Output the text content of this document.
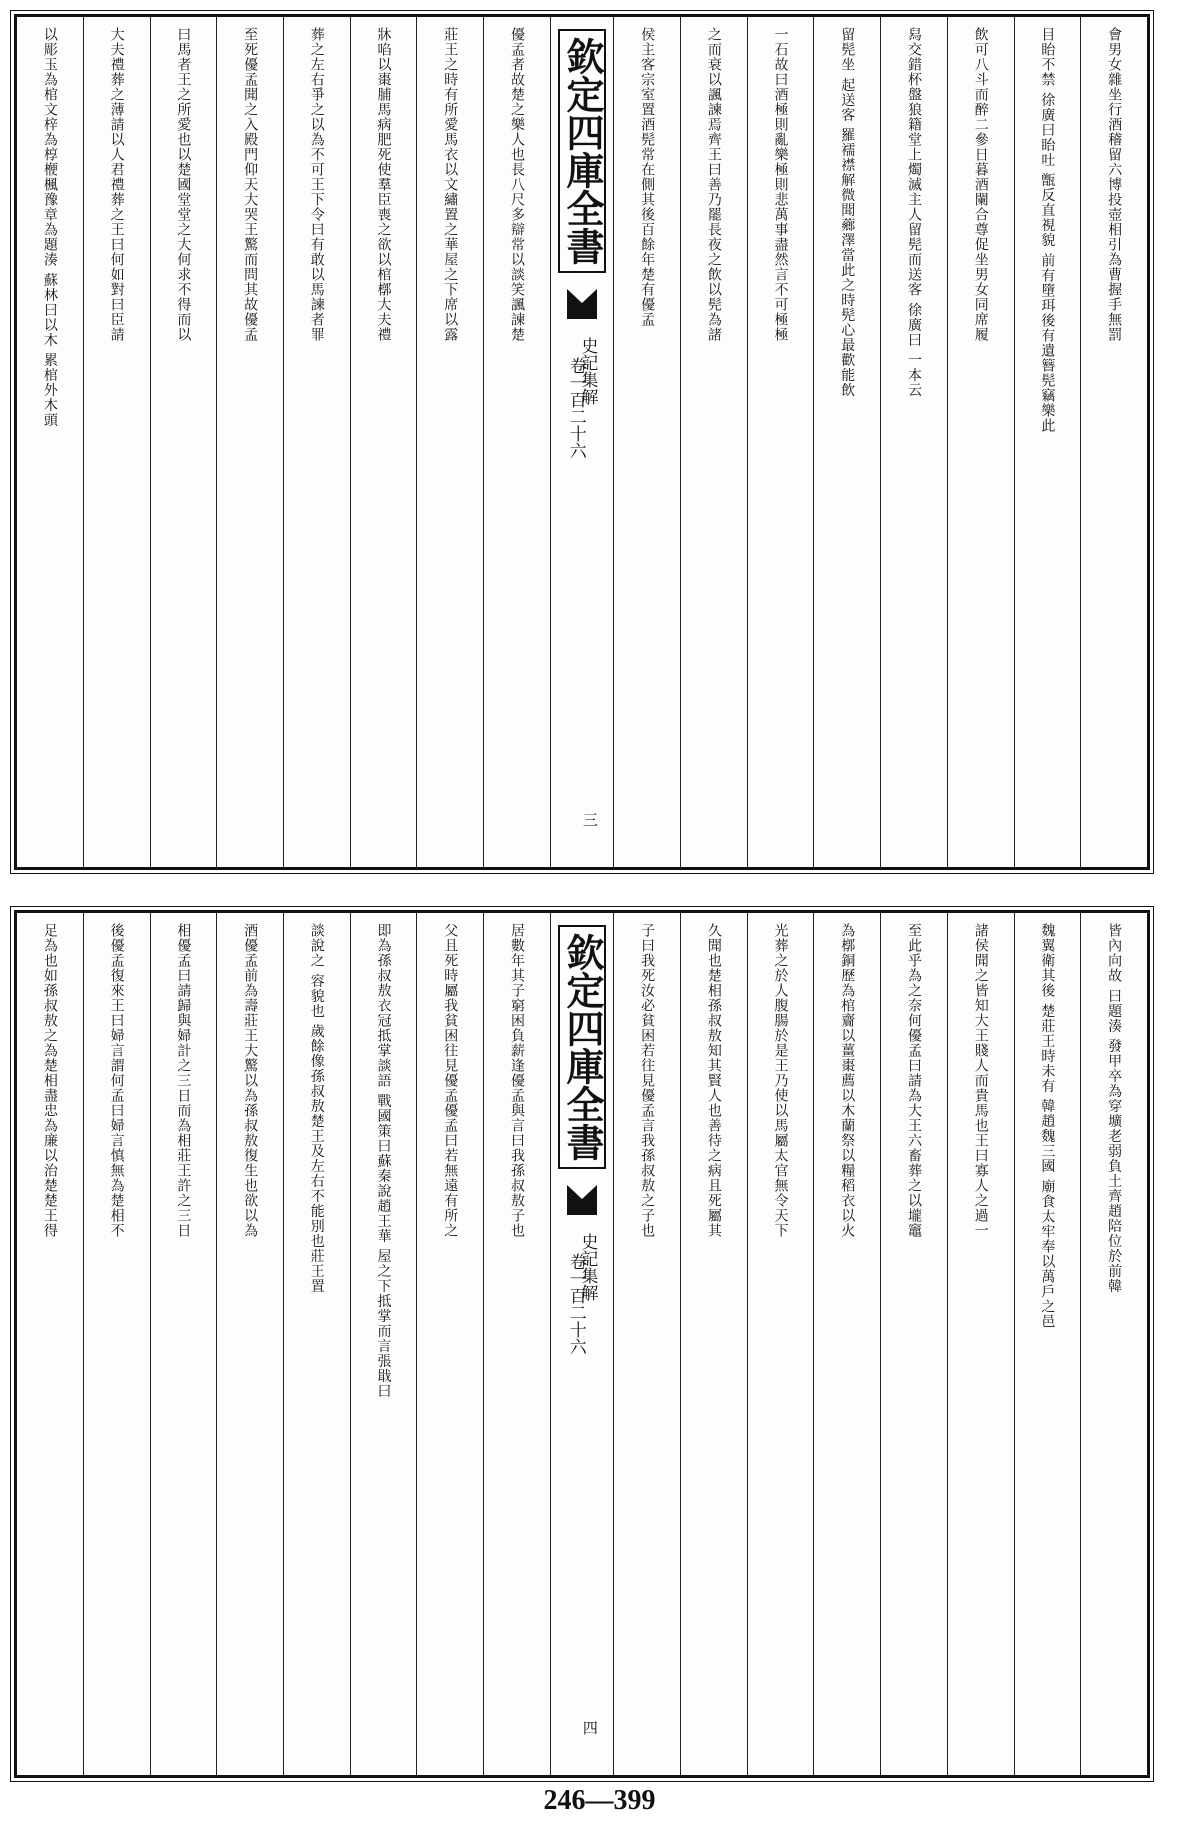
會男女雜坐行酒稽留六博投壺相引為曹握手無罰
目眙不禁 徐廣曰眙吐 甑反直視貌 前有墮珥後有遺簪髡竊樂此
飲可八斗而醉二參日暮酒闌合尊促坐男女同席履
舄交錯杯盤狼籍堂上燭滅主人留髡而送客 徐廣曰 一本云
留髡坐 起送客 羅襦襟解微聞薌澤當此之時髡心最歡能飲
一石故曰酒極則亂樂極則悲萬事盡然言不可極極
之而衰以諷諫焉齊王曰善乃罷長夜之飲以髡為諸
侯主客宗室置酒髡常在側其後百餘年楚有優孟
欽定四庫全書
史記集解
卷一百二十六
三
優孟者故楚之樂人也長八尺多辯常以談笑諷諫楚
莊王之時有所愛馬衣以文繡置之華屋之下席以露
牀啗以棗脯馬病肥死使羣臣喪之欲以棺槨大夫禮
葬之左右爭之以為不可王下令曰有敢以馬諫者罪
至死優孟聞之入殿門仰天大哭王驚而問其故優孟
曰馬者王之所愛也以楚國堂堂之大何求不得而以
大夫禮葬之薄請以人君禮葬之王曰何如對曰臣請
以彫玉為棺文梓為椁楩楓豫章為題湊 蘇林曰以木 累棺外木頭
皆內向故 曰題湊 發甲卒為穿壙老弱負土齊趙陪位於前韓
魏翼衛其後 楚莊王時未有 韓趙魏三國 廟食太牢奉以萬戶之邑
諸侯聞之皆知大王賤人而貴馬也王曰寡人之過一
至此乎為之奈何優孟曰請為大王六畜葬之以壠竈
為槨銅歷為棺齎以薑棗薦以木蘭祭以糧稻衣以火
光葬之於人腹腸於是王乃使以馬屬太官無令天下
久聞也楚相孫叔敖知其賢人也善待之病且死屬其
子曰我死汝必貧困若往見優孟言我孫叔敖之子也
欽定四庫全書
史記集解
卷一百二十六
四
居數年其子窮困負薪逢優孟與言曰我孫叔敖子也
父且死時屬我貧困往見優孟優孟曰若無遠有所之
即為孫叔敖衣冠抵掌談語 戰國策曰蘇秦說趙王華 屋之下抵掌而言張戢曰
談說之 容貌也 歲餘像孫叔敖楚王及左右不能別也莊王置
酒優孟前為壽莊王大驚以為孫叔敖復生也欲以為
相優孟曰請歸與婦計之三日而為相莊王許之三日
後優孟復來王曰婦言謂何孟曰婦言慎無為楚相不
足為也如孫叔敖之為楚相盡忠為廉以治楚楚王得
246—399
